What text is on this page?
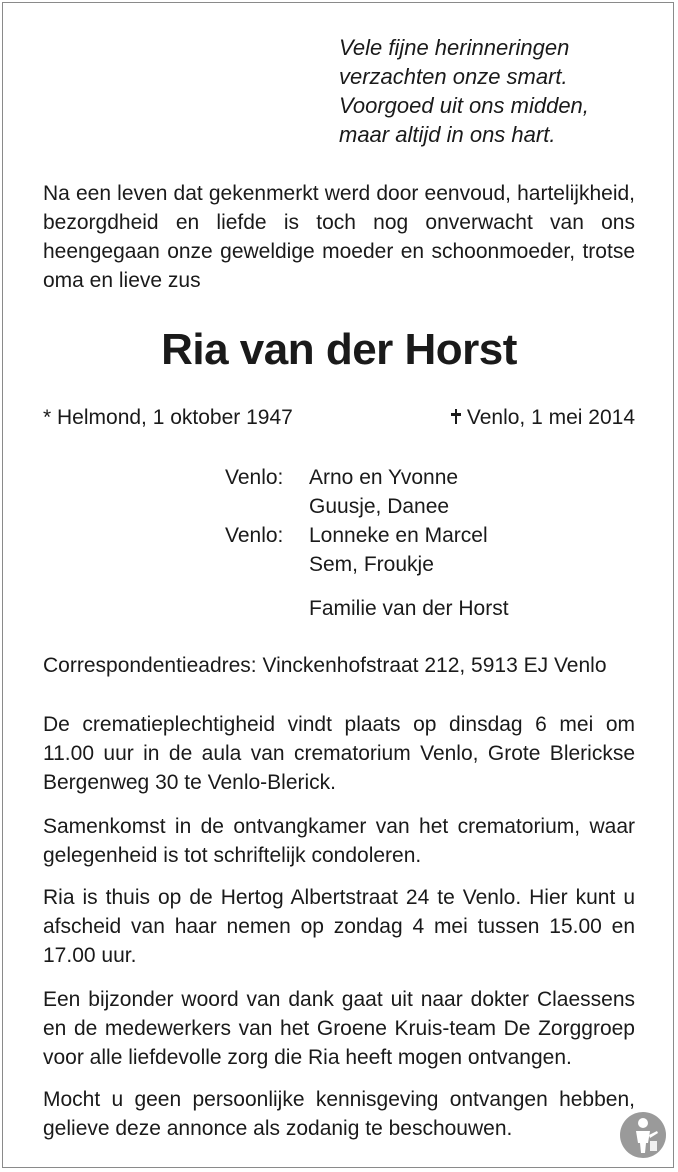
Vele fijne herinneringen
verzachten onze smart.
Voorgoed uit ons midden,
maar altijd in ons hart.

Na een leven dat gekenmerkt werd door eenvoud, hartelijkheid, bezorgdheid en liefde is toch nog onverwacht van ons heengegaan onze geweldige moeder en schoonmoeder, trotse oma en lieve zus

Ria van der Horst
* Helmond, 1 oktober 1947	Venlo, 1 mei 2014
Venlo: Arno en Yvonne
Guusje, Danee
Venlo: Lonneke en Marcel
Sem, Froukje
Familie van der Horst

Correspondentieadres: Vinckenhofstraat 212, 5913 EJ Venlo

De crematieplechtigheid vindt plaats op dinsdag 6 mei om 11.00 uur in de aula van crematorium Venlo, Grote Blerickse Bergenweg 30 te Venlo-Blerick.

Samenkomst in de ontvangkamer van het crematorium, waar gelegenheid is tot schriftelijk condoleren.

Ria is thuis op de Hertog Albertstraat 24 te Venlo. Hier kunt u afscheid van haar nemen op zondag 4 mei tussen 15.00 en 17.00 uur.

Een bijzonder woord van dank gaat uit naar dokter Claessens en de medewerkers van het Groene Kruis-team De Zorggroep voor alle liefdevolle zorg die Ria heeft mogen ontvangen.

Mocht u geen persoonlijke kennisgeving ontvangen hebben, gelieve deze annonce als zodanig te beschouwen.
